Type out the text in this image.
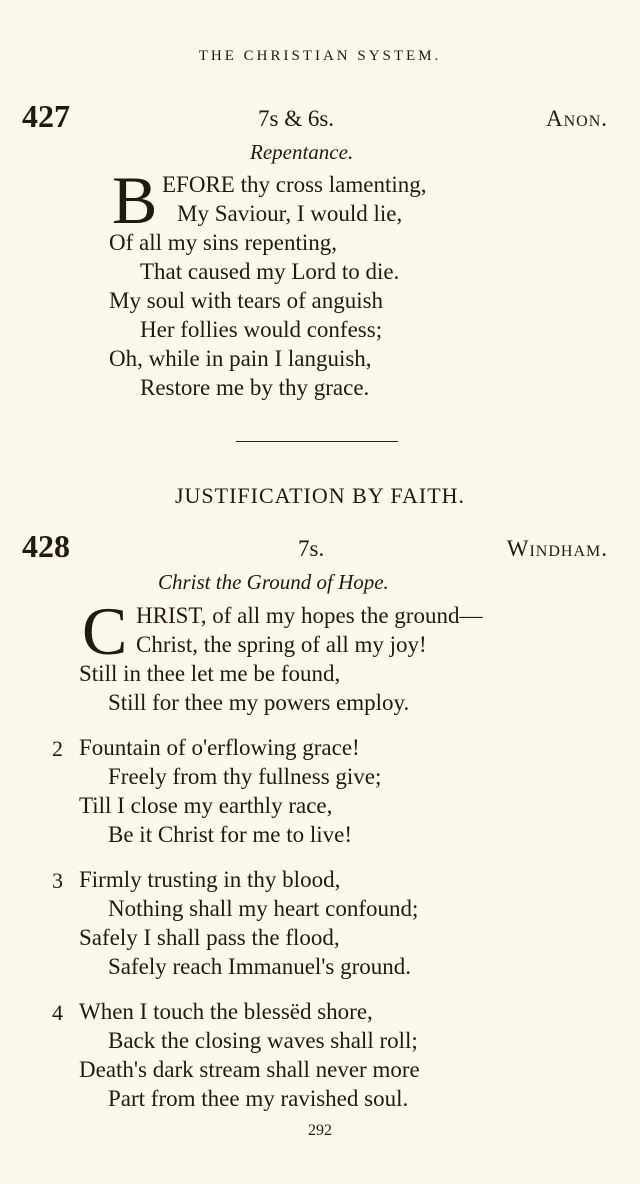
THE CHRISTIAN SYSTEM.
427	7s & 6s.	Anon.
Repentance.
B EFORE thy cross lamenting,
My Saviour, I would lie,
Of all my sins repenting,
That caused my Lord to die.
My soul with tears of anguish
Her follies would confess;
Oh, while in pain I languish,
Restore me by thy grace.
JUSTIFICATION BY FAITH.
428	7s.	Windham.
Christ the Ground of Hope.
C HRIST, of all my hopes the ground—
Christ, the spring of all my joy!
Still in thee let me be found,
Still for thee my powers employ.
2 Fountain of o'erflowing grace!
Freely from thy fullness give;
Till I close my earthly race,
Be it Christ for me to live!
3 Firmly trusting in thy blood,
Nothing shall my heart confound;
Safely I shall pass the flood,
Safely reach Immanuel's ground.
4 When I touch the blessëd shore,
Back the closing waves shall roll;
Death's dark stream shall never more
Part from thee my ravished soul.
292
